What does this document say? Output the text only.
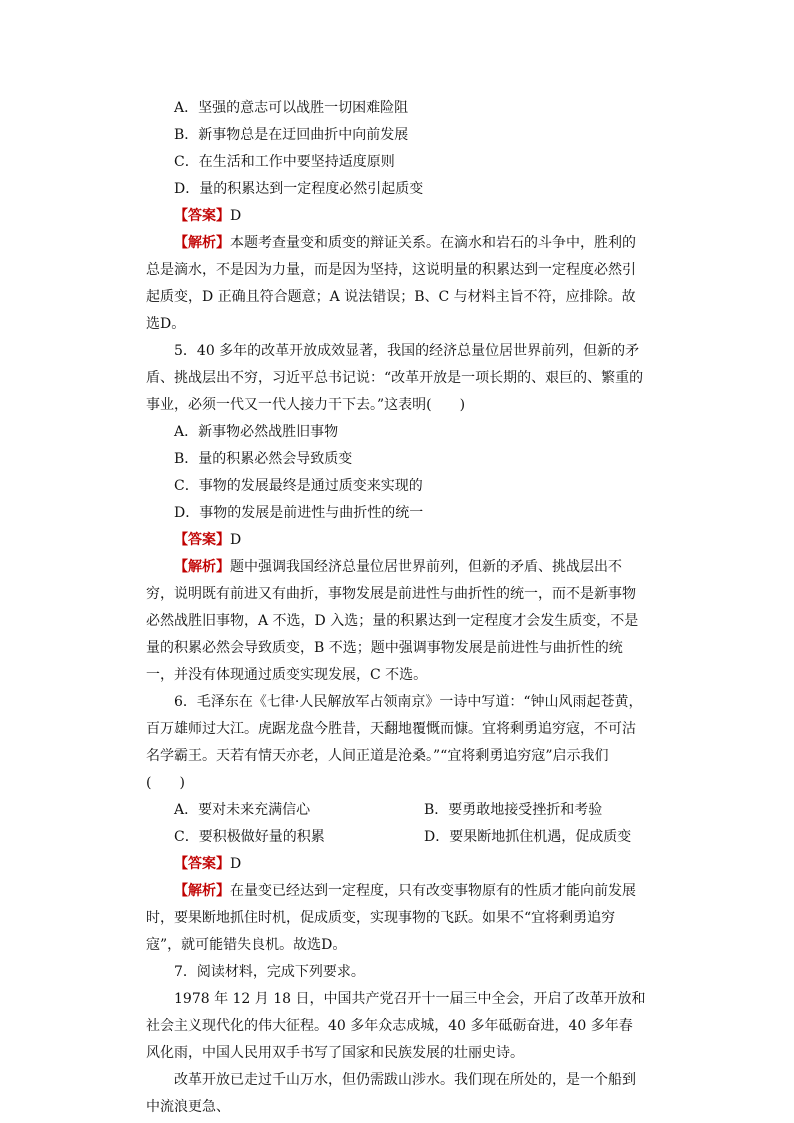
A．坚强的意志可以战胜一切困难险阻

B．新事物总是在迂回曲折中向前发展

C．在生活和工作中要坚持适度原则

D．量的积累达到一定程度必然引起质变

【答案】D

【解析】本题考查量变和质变的辩证关系。在滴水和岩石的斗争中，胜利的总是滴水，不是因为力量，而是因为坚持，这说明量的积累达到一定程度必然引起质变，D 正确且符合题意；A 说法错误；B、C 与材料主旨不符，应排除。故选D。

5．40 多年的改革开放成效显著，我国的经济总量位居世界前列，但新的矛盾、挑战层出不穷，习近平总书记说：“改革开放是一项长期的、艰巨的、繁重的事业，必须一代又一代人接力干下去。”这表明(　　)

A．新事物必然战胜旧事物

B．量的积累必然会导致质变

C．事物的发展最终是通过质变来实现的

D．事物的发展是前进性与曲折性的统一

【答案】D

【解析】题中强调我国经济总量位居世界前列，但新的矛盾、挑战层出不穷，说明既有前进又有曲折，事物发展是前进性与曲折性的统一，而不是新事物必然战胜旧事物，A 不选，D 入选；量的积累达到一定程度才会发生质变，不是量的积累必然会导致质变，B 不选；题中强调事物发展是前进性与曲折性的统一，并没有体现通过质变实现发展，C 不选。

6．毛泽东在《七律·人民解放军占领南京》一诗中写道：“钟山风雨起苍黄，百万雄师过大江。虎踞龙盘今胜昔，天翻地覆慨而慷。宜将剩勇追穷寇，不可沽名学霸王。天若有情天亦老，人间正道是沧桑。”“宜将剩勇追穷寇”启示我们(　　)

A．要对未来充满信心	B．要勇敢地接受挫折和考验
C．要积极做好量的积累	D．要果断地抓住机遇，促成质变

【答案】D

【解析】在量变已经达到一定程度，只有改变事物原有的性质才能向前发展时，要果断地抓住时机，促成质变，实现事物的飞跃。如果不“宜将剩勇追穷寇”，就可能错失良机。故选D。

7．阅读材料，完成下列要求。

1978 年 12 月 18 日，中国共产党召开十一届三中全会，开启了改革开放和社会主义现代化的伟大征程。40 多年众志成城，40 多年砥砺奋进，40 多年春风化雨，中国人民用双手书写了国家和民族发展的壮丽史诗。

改革开放已走过千山万水，但仍需跋山涉水。我们现在所处的，是一个船到中流浪更急、
